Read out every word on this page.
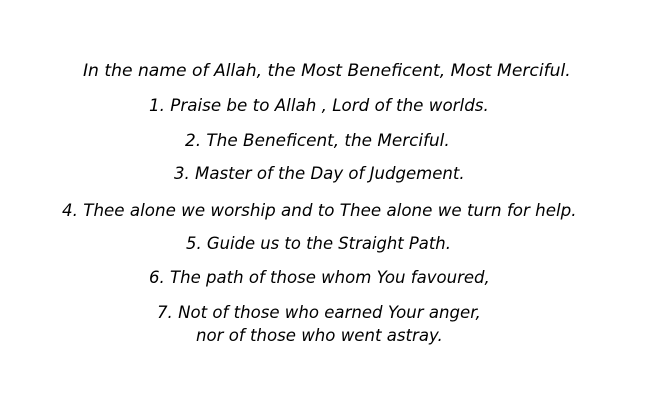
In the name of Allah, the Most Beneficent, Most Merciful.
1. Praise be to Allah , Lord of the worlds.
2. The Beneficent, the Merciful.
3. Master of the Day of Judgement.
4. Thee alone we worship and to Thee alone we turn for help.
5. Guide us to the Straight Path.
6. The path of those whom You favoured,
7. Not of those who earned Your anger,
nor of those who went astray.
